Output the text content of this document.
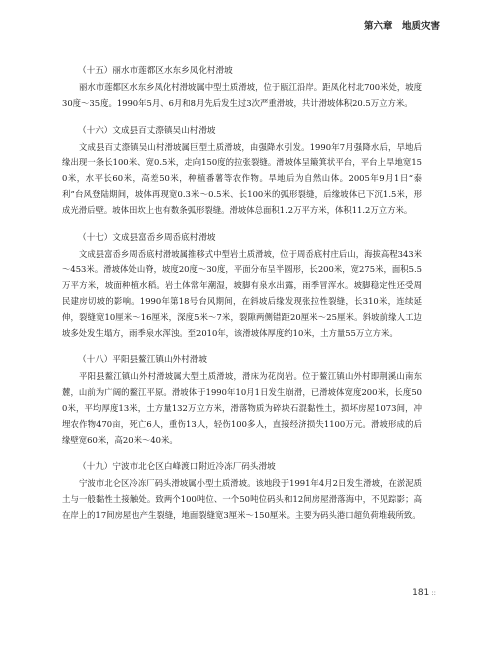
第六章　地质灾害
（十五）丽水市莲都区水东乡凤化村滑坡

丽水市莲都区水东乡凤化村滑坡属中型土质滑坡，位于瓯江沿岸。距凤化村北700米处，坡度30度～35度。1990年5月、6月和8月先后发生过3次严重滑坡，共计滑坡体积20.5万立方米。

（十六）文成县百丈漈镇吴山村滑坡

文成县百丈漈镇吴山村滑坡属巨型土质滑坡，由强降水引发。1990年7月强降水后，早地后缘出现一条长100米、宽0.5米，走向150度的拉张裂缝。滑坡体呈簸箕状平台，平台上旱地宽150米，水平长60米，高差50米，种植番薯等农作物。旱地后为自然山体。2005年9月1日“泰利”台风登陆期间，坡体再现宽0.3米～0.5米、长100米的弧形裂缝，后缘坡体已下沉1.5米，形成光滑后壁。坡体田坎上也有数条弧形裂缝。滑坡体总面积1.2万平方米，体积11.2万立方米。

（十七）文成县富岙乡周岙底村滑坡

文成县富岙乡周岙底村滑坡属推移式中型岩土质滑坡，位于周岙底村庄后山，海拔高程343米～453米。滑坡体处山脊，坡度20度～30度，平面分布呈半圆形，长200米，宽275米，面积5.5万平方米，坡面种植水稻。岩土体常年潮湿，坡脚有泉水出露，雨季冒浑水。坡脚稳定性还受周民建房切坡的影响。1990年第18号台风期间，在斜坡后缘发现张拉性裂缝，长310米，连续延伸，裂缝宽10厘米～16厘米，深度5米～7米，裂隙两侧错距20厘米～25厘米。斜坡前缘人工边坡多处发生塌方，雨季泉水浑浊。至2010年，该滑坡体厚度约10米，土方量55万立方米。

（十八）平阳县鳌江镇山外村滑坡

平阳县鳌江镇山外村滑坡属大型土质滑坡，滑床为花岗岩。位于鳌江镇山外村即荆溪山南东麓，山前为广阔的鳌江平原。滑坡体于1990年10月1日发生崩滑，已滑坡体宽度200米，长度500米，平均厚度13米，土方量132万立方米，滑落物质为碎块石混黏性土，损坏房屋1073间，冲埋农作物470亩，死亡6人，重伤13人，轻伤100多人，直接经济损失1100万元。滑坡形成的后缘壁宽60米，高20米～40米。

（十九）宁波市北仑区白峰渡口附近冷冻厂码头滑坡

宁波市北仑区冷冻厂码头滑坡属小型土质滑坡。该地段于1991年4月2日发生滑坡，在淤泥质土与一般黏性土接触处。致两个100吨位、一个50吨位码头和12间房屋滑落海中，不见踪影；高在岸上的17间房屋也产生裂缝，地面裂缝宽3厘米～150厘米。主要为码头港口超负荷堆载所致。

181 ::
